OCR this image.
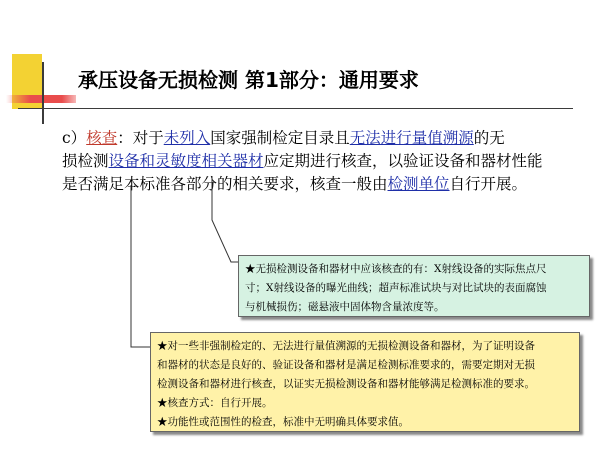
承压设备无损检测 第1部分：通用要求
c）核查：对于未列入国家强制检定目录且无法进行量值溯源的无
损检测设备和灵敏度相关器材应定期进行核查，以验证设备和器材性能
是否满足本标准各部分的相关要求，核查一般由检测单位自行开展。
★无损检测设备和器材中应该核查的有：X射线设备的实际焦点尺
寸；X射线设备的曝光曲线；超声标准试块与对比试块的表面腐蚀
与机械损伤；磁悬液中固体物含量浓度等。
★对一些非强制检定的、无法进行量值溯源的无损检测设备和器材，为了证明设备
和器材的状态是良好的、验证设备和器材是满足检测标准要求的，需要定期对无损
检测设备和器材进行核查，以证实无损检测设备和器材能够满足检测标准的要求。
★核查方式：自行开展。
★功能性或范围性的检查，标准中无明确具体要求值。
